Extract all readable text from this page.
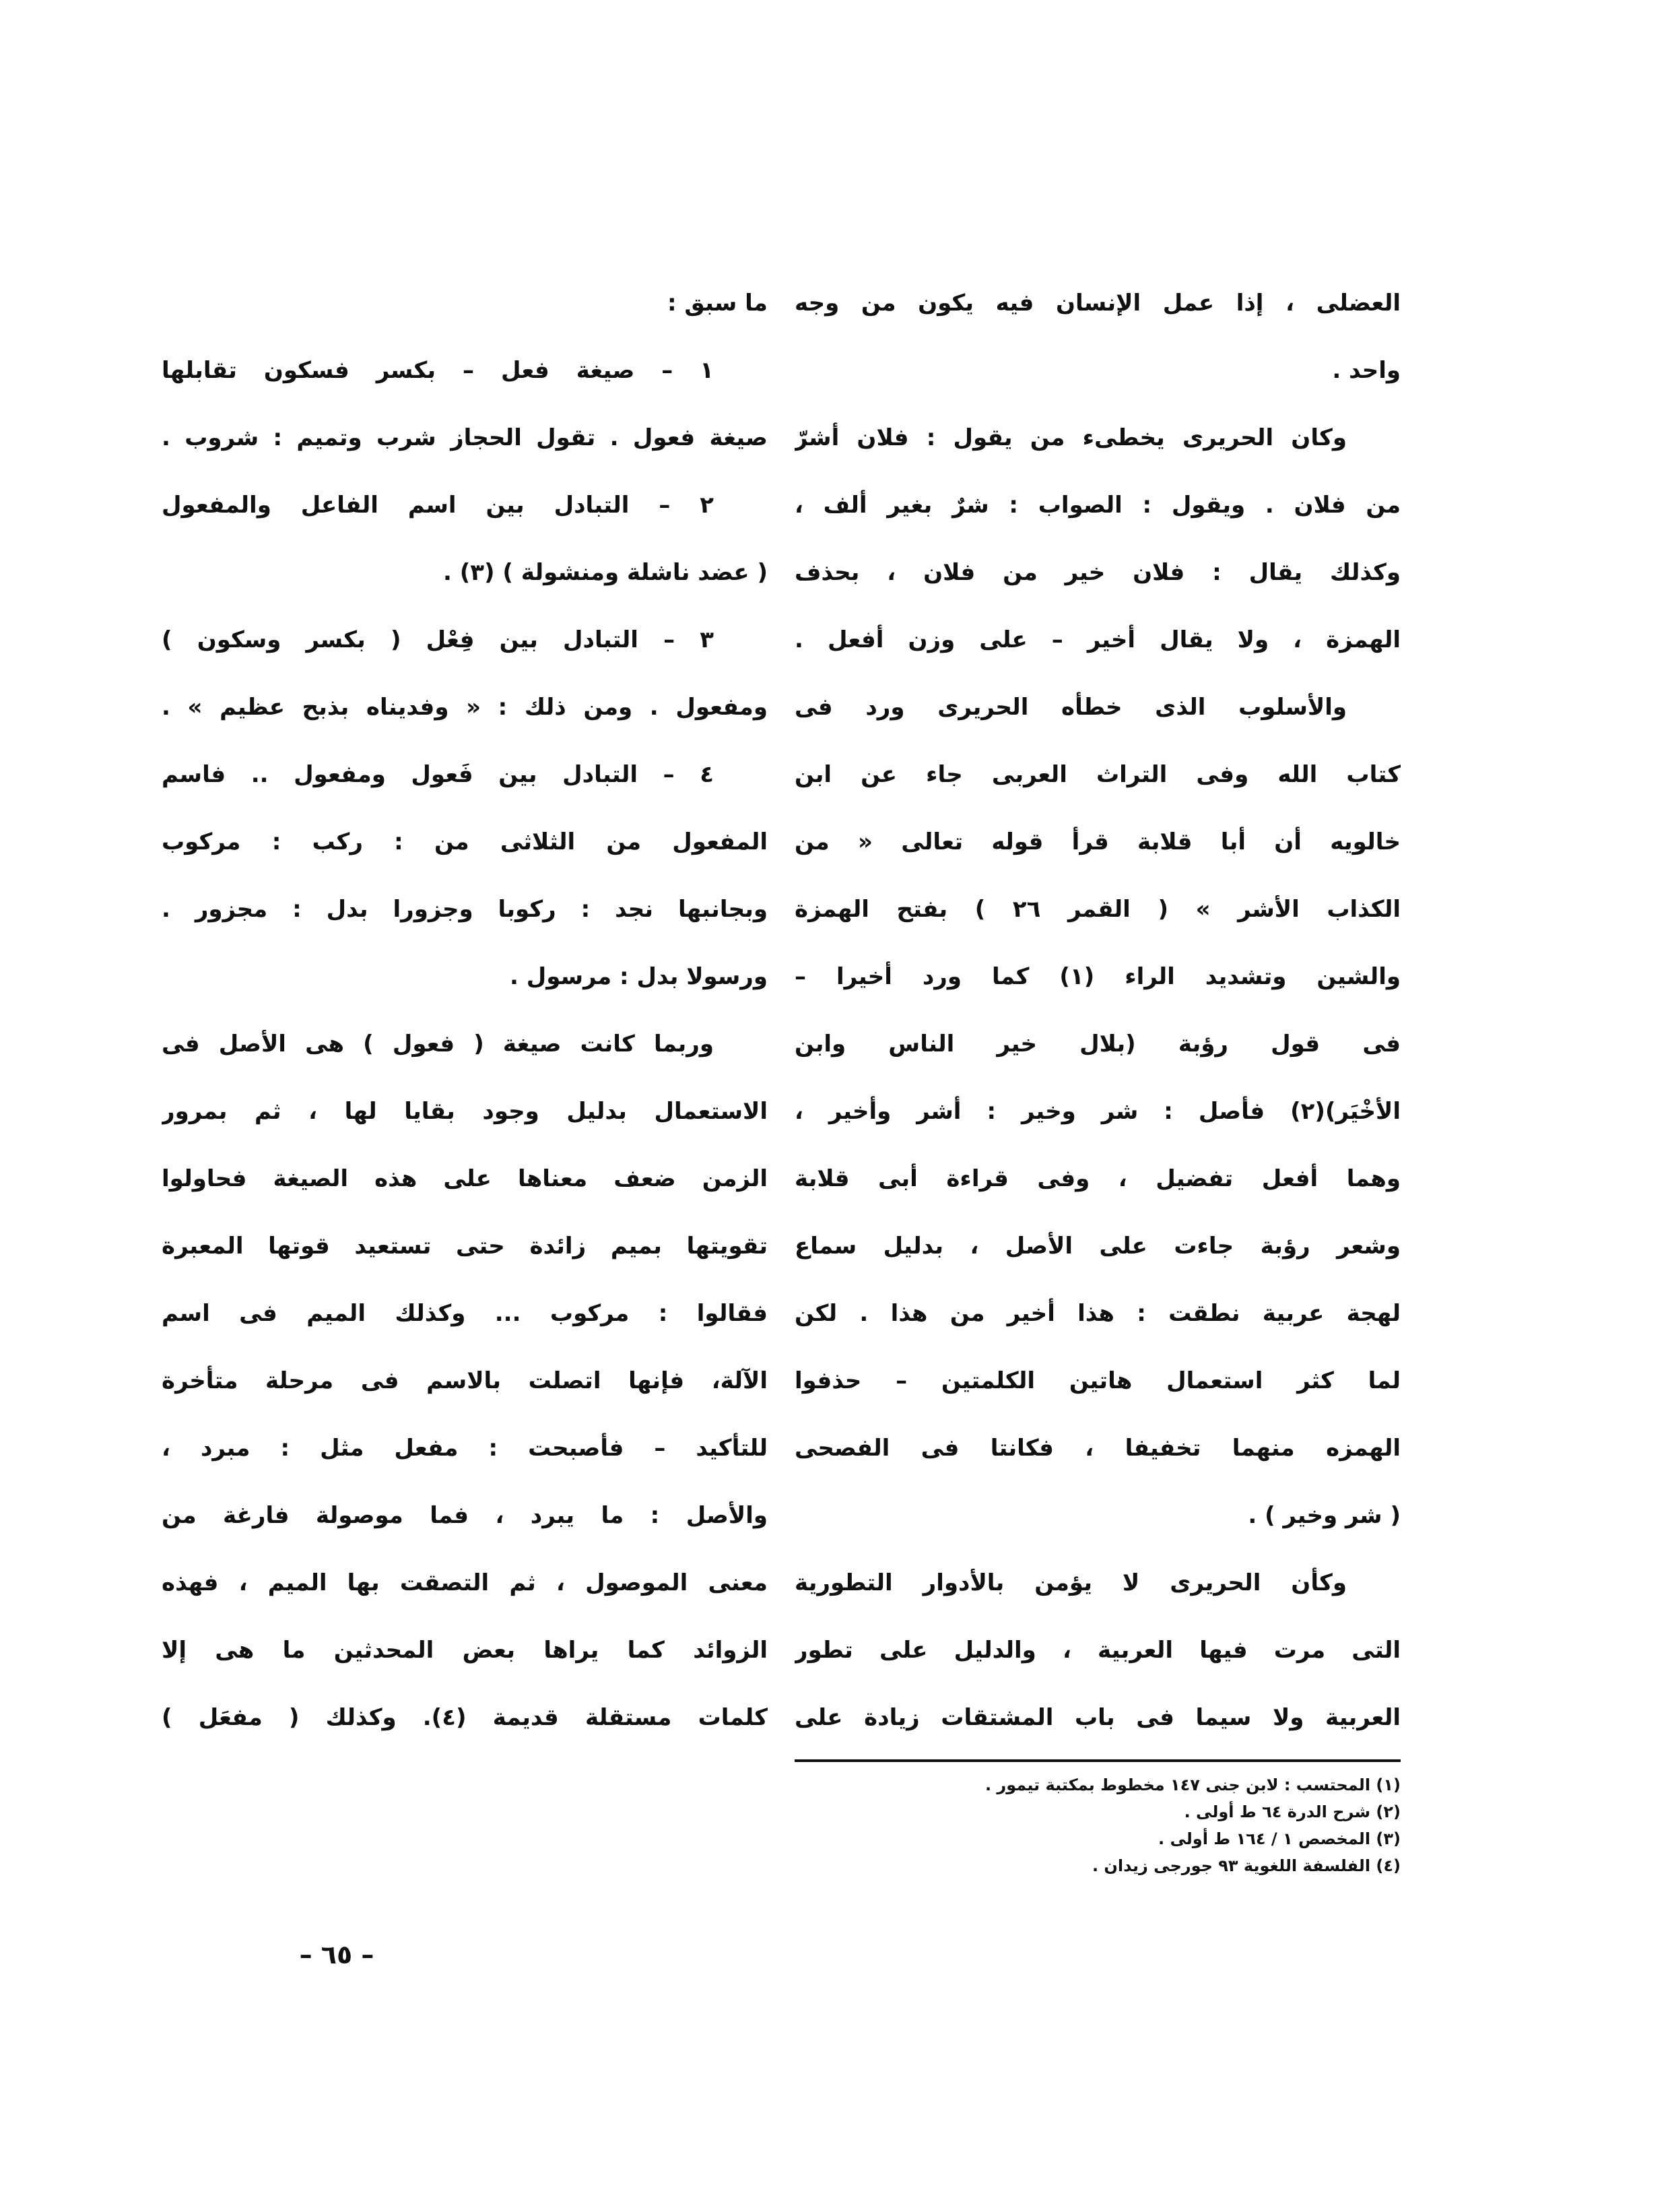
العضلى ، إذا عمل الإنسان فيه يكون من وجه
واحد .
وكان الحريرى يخطىء من يقول : فلان أشرّ
من فلان . ويقول : الصواب : شرٌ بغير ألف ،
وكذلك يقال : فلان خير من فلان ، بحذف
الهمزة ، ولا يقال أخير – على وزن أفعل .
والأسلوب الذى خطأه الحريرى ورد فى
كتاب الله وفى التراث العربى جاء عن ابن
خالويه أن أبا قلابة قرأ قوله تعالى « من
الكذاب الأشر » ( القمر ٢٦ ) بفتح الهمزة
والشين وتشديد الراء (١) كما ورد أخيرا –
فى قول رؤبة (بلال خير الناس وابن
الأخْيَر)(٢) فأصل : شر وخير : أشر وأخير ،
وهما أفعل تفضيل ، وفى قراءة أبى قلابة
وشعر رؤبة جاءت على الأصل ، بدليل سماع
لهجة عربية نطقت : هذا أخير من هذا . لكن
لما كثر استعمال هاتين الكلمتين – حذفوا
الهمزه منهما تخفيفا ، فكانتا فى الفصحى
( شر وخير ) .
وكأن الحريرى لا يؤمن بالأدوار التطورية
التى مرت فيها العربية ، والدليل على تطور
العربية ولا سيما فى باب المشتقات زيادة على
ما سبق :
١ – صيغة فعل – بكسر فسكون تقابلها
صيغة فعول . تقول الحجاز شرب وتميم : شروب .
٢ – التبادل بين اسم الفاعل والمفعول
( عضد ناشلة ومنشولة ) (٣) .
٣ – التبادل بين فِعْل ( بكسر وسكون )
ومفعول . ومن ذلك : « وفديناه بذبح عظيم » .
٤ – التبادل بين فَعول ومفعول .. فاسم
المفعول من الثلاثى من : ركب : مركوب
وبجانبها نجد : ركوبا وجزورا بدل : مجزور .
ورسولا بدل : مرسول .
وربما كانت صيغة ( فعول ) هى الأصل فى
الاستعمال بدليل وجود بقايا لها ، ثم بمرور
الزمن ضعف معناها على هذه الصيغة فحاولوا
تقويتها بميم زائدة حتى تستعيد قوتها المعبرة
فقالوا : مركوب ... وكذلك الميم فى اسم
الآلة، فإنها اتصلت بالاسم فى مرحلة متأخرة
للتأكيد – فأصبحت : مفعل مثل : مبرد ،
والأصل : ما يبرد ، فما موصولة فارغة من
معنى الموصول ، ثم التصقت بها الميم ، فهذه
الزوائد كما يراها بعض المحدثين ما هى إلا
كلمات مستقلة قديمة (٤). وكذلك ( مفعَل )
(١) المحتسب : لابن جنى ١٤٧ مخطوط بمكتبة تيمور .
(٢) شرح الدرة ٦٤ ط أولى .
(٣) المخصص ١ / ١٦٤ ط أولى .
(٤) الفلسفة اللغوية ٩٣ جورجى زيدان .
– ٦٥ –
